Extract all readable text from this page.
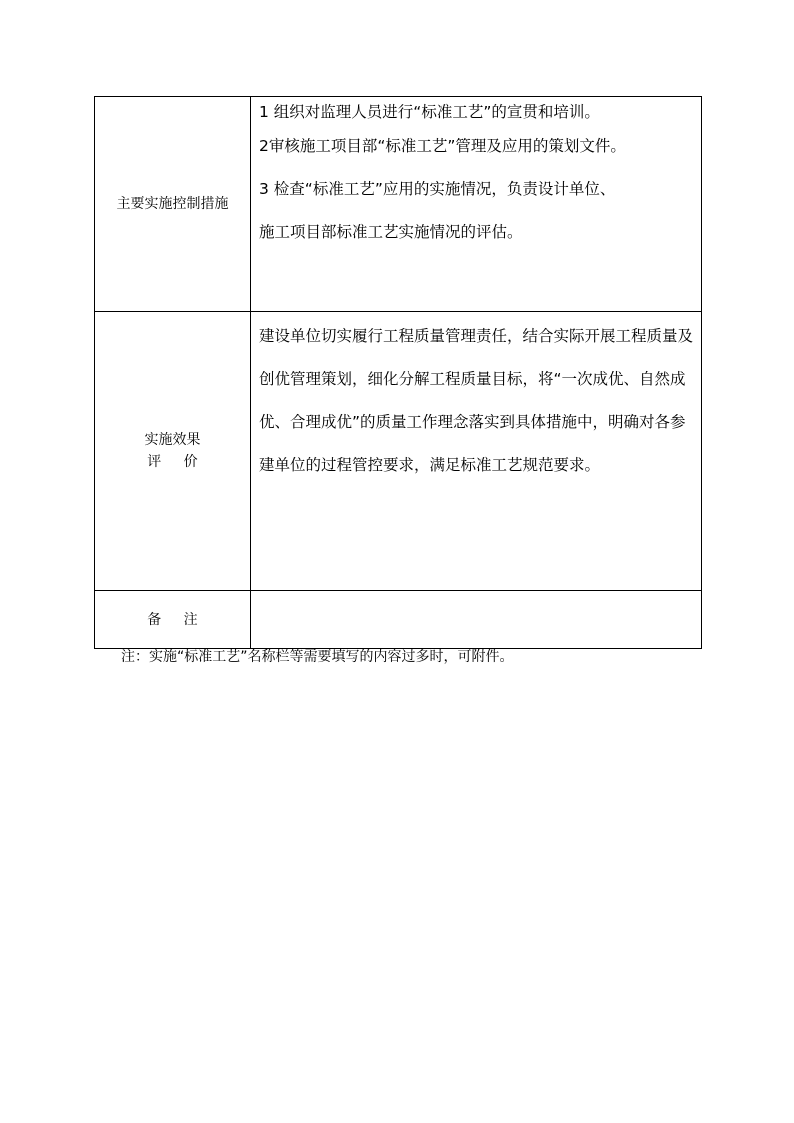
主要实施控制措施	1 组织对监理人员进行“标准工艺”的宣贯和培训。
2审核施工项目部“标准工艺”管理及应用的策划文件。
3 检查“标准工艺”应用的实施情况，负责设计单位、
施工项目部标准工艺实施情况的评估。

实施效果
评价	建设单位切实履行工程质量管理责任，结合实际开展工程质量及创优管理策划，细化分解工程质量目标，将“一次成优、自然成优、合理成优”的质量工作理念落实到具体措施中，明确对各参建单位的过程管控要求，满足标准工艺规范要求。

备注	
注：实施“标准工艺”名称栏等需要填写的内容过多时，可附件。
